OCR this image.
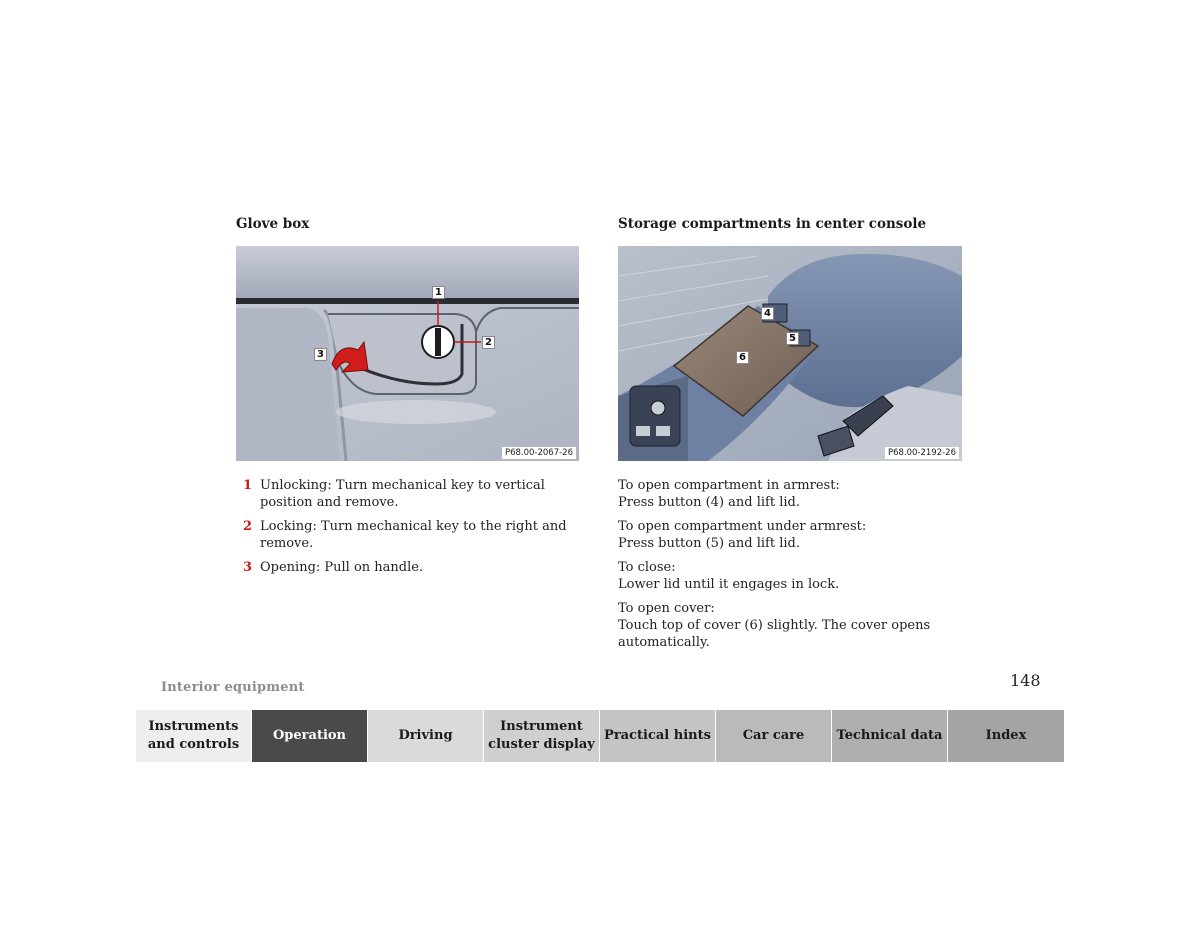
Glove box
1
2
3
P68.00-2067-26
1 Unlocking: Turn mechanical key to vertical position and remove.
2 Locking: Turn mechanical key to the right and remove.
3 Opening: Pull on handle.
Storage compartments in center console
4
5
6
P68.00-2192-26

To open compartment in armrest:
Press button (4) and lift lid.

To open compartment under armrest:
Press button (5) and lift lid.

To close:
Lower lid until it engages in lock.

To open cover:
Touch top of cover (6) slightly. The cover opens automatically.

Interior equipment	148
Instruments and controls
Operation	Driving
Instrument cluster display
Practical hints	Car care	Technical data	Index
